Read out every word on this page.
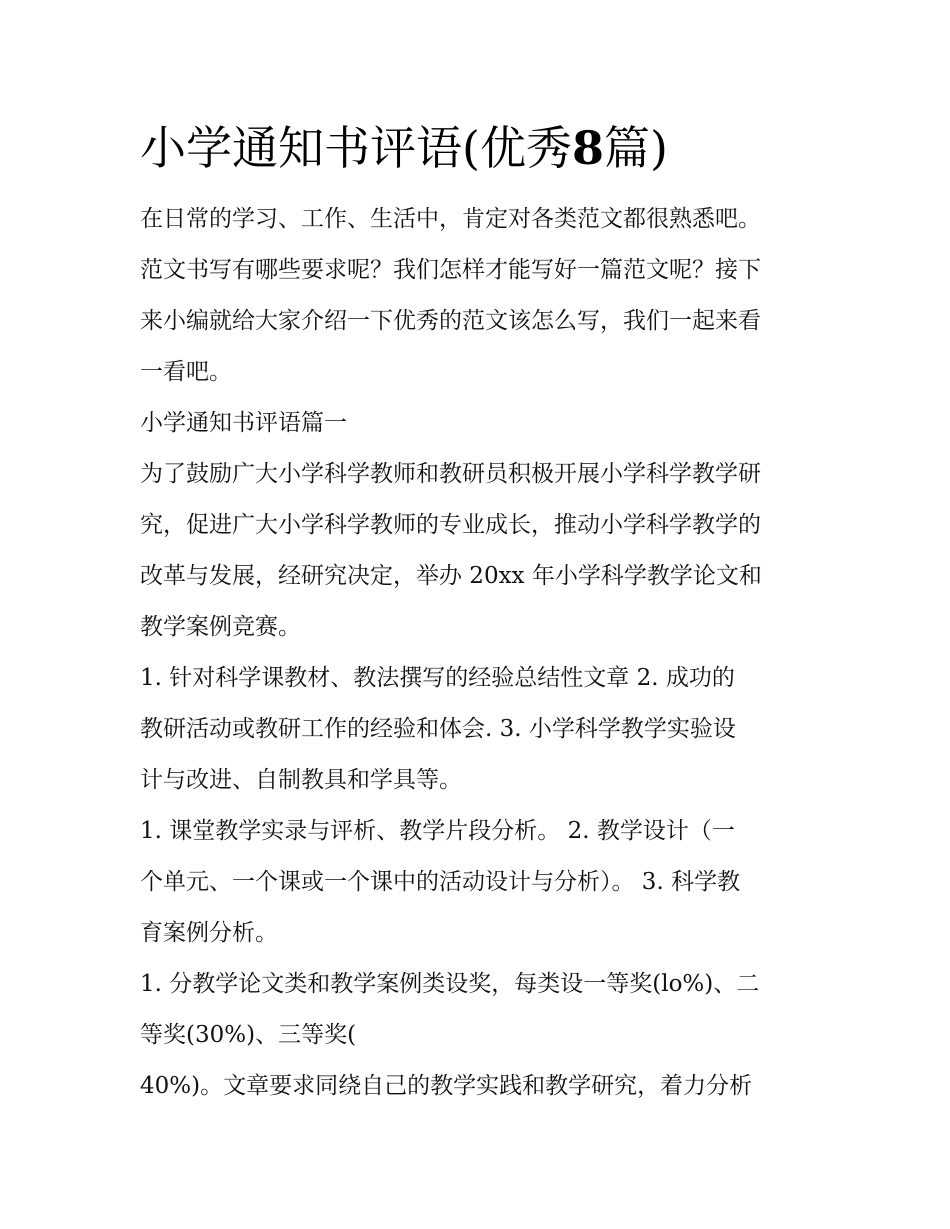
小学通知书评语(优秀8篇)

在日常的学习、工作、生活中，肯定对各类范文都很熟悉吧。

范文书写有哪些要求呢？我们怎样才能写好一篇范文呢？接下

来小编就给大家介绍一下优秀的范文该怎么写，我们一起来看

一看吧。

小学通知书评语篇一

为了鼓励广大小学科学教师和教研员积极开展小学科学教学研

究，促进广大小学科学教师的专业成长，推动小学科学教学的

改革与发展，经研究决定，举办 20xx 年小学科学教学论文和

教学案例竞赛。

1. 针对科学课教材、教法撰写的经验总结性文章 2. 成功的

教研活动或教研工作的经验和体会. 3. 小学科学教学实验设

计与改进、自制教具和学具等。

1. 课堂教学实录与评析、教学片段分析。 2. 教学设计（一

个单元、一个课或一个课中的活动设计与分析）。 3. 科学教

育案例分析。

1. 分教学论文类和教学案例类设奖，每类设一等奖(lo%)、二

等奖(30%)、三等奖(

40%)。文章要求同绕自己的教学实践和教学研究，着力分析
